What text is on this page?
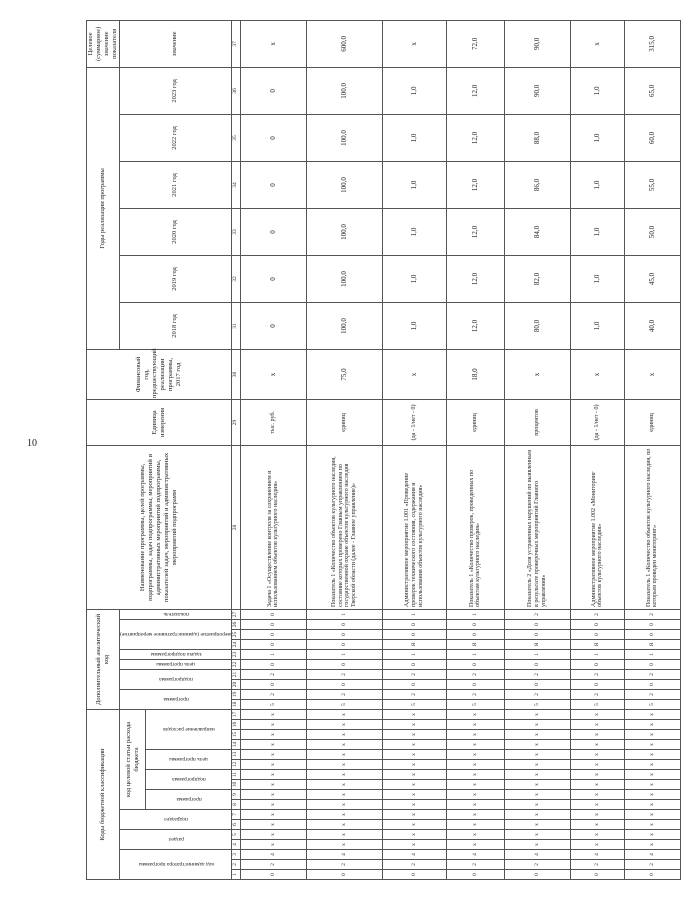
10
Коды бюджетной классификации																	Дополнительный аналитический код										Наименование программы, целей программы, подпрограммы, задач подпрограммы, мероприятий и административных мероприятий подпрограммы, показателей задач, мероприятий и административных мероприятий подпрограмм	Единица измерения	Финансовый год, предшествующий реализации программы, 2017 год	Годы реализации программы						Целевое (суммарное) значение показателя
код администратора программы			раздел		подраздел		код целевой статьи расхода бюджета										программа		подпрограмма		цель программы	задача подпрограммы	мероприятие (административное мероприятие)			показатель				2018 год	2019 год	2020 год	2021 год	2022 год	2023 год	значение
							программа		подпрограмма		цель программы		направление расходов																							
1	2	3	4	5	6	7	8	9	10	11	12	13	14	15	16	17	18	19	20	21	22	23	24	25	26	27	28	29	30	31	32	33	34	35	36	37
0	2	4	х	х	х	х	х	х	х	х	х	х	х	х	х	х	5	2	0	2	0	1	0	0	0	0	Задача 1 «Осуществление контроля за сохранением и использованием объектов культурного наследия»	тыс. руб.	х	0	0	0	0	0	0	х
0	2	4	х	х	х	х	х	х	х	х	х	х	х	х	х	х	5	2	0	2	0	1	0	0	0	1	Показатель 1 «Количество объектов культурного наследия, состояние которых проверено Главным управлением по государственной охране объектов культурного наследия Тверской области (далее - Главное управление)»	единиц	75,0	100,0	100,0	100,0	100,0	100,0	100,0	600,0
0	2	4	х	х	х	х	х	х	х	х	х	х	х	х	х	х	5	2	0	2	0	1	Я	0	0	1	Административное мероприятие 1.001 «Проведение проверок технического состояния, содержания и использования объектов культурного наследия»	(да - 1/нет - 0)	х	1,0	1,0	1,0	1,0	1,0	1,0	х
0	2	4	х	х	х	х	х	х	х	х	х	х	х	х	х	х	5	2	0	2	0	1	Я	0	0	1	Показатель 1 «Количество проверок, проведенных по объектам культурного наследия»	единиц	18,0	12,0	12,0	12,0	12,0	12,0	12,0	72,0
0	2	4	х	х	х	х	х	х	х	х	х	х	х	х	х	х	5	2	0	2	0	1	Я	0	0	2	Показатель 2 «Доля устраненных нарушений по выявленным в результате проверочных мероприятий Главного управления»	процентов	х	80,0	82,0	84,0	86,0	88,0	90,0	90,0
0	2	4	х	х	х	х	х	х	х	х	х	х	х	х	х	х	5	2	0	2	0	1	Я	0	0	2	Административное мероприятие 1.002 «Мониторинг объектов культурного наследия»	(да - 1/нет - 0)	х	1,0	1,0	1,0	1,0	1,0	1,0	х
0	2	4	х	х	х	х	х	х	х	х	х	х	х	х	х	х	5	2	0	2	0	1	Я	0	0	2	Показатель 1 «Количество объектов культурного наследия, по которым проведен мониторинг»	единиц	х	40,0	45,0	50,0	55,0	60,0	65,0	315,0
